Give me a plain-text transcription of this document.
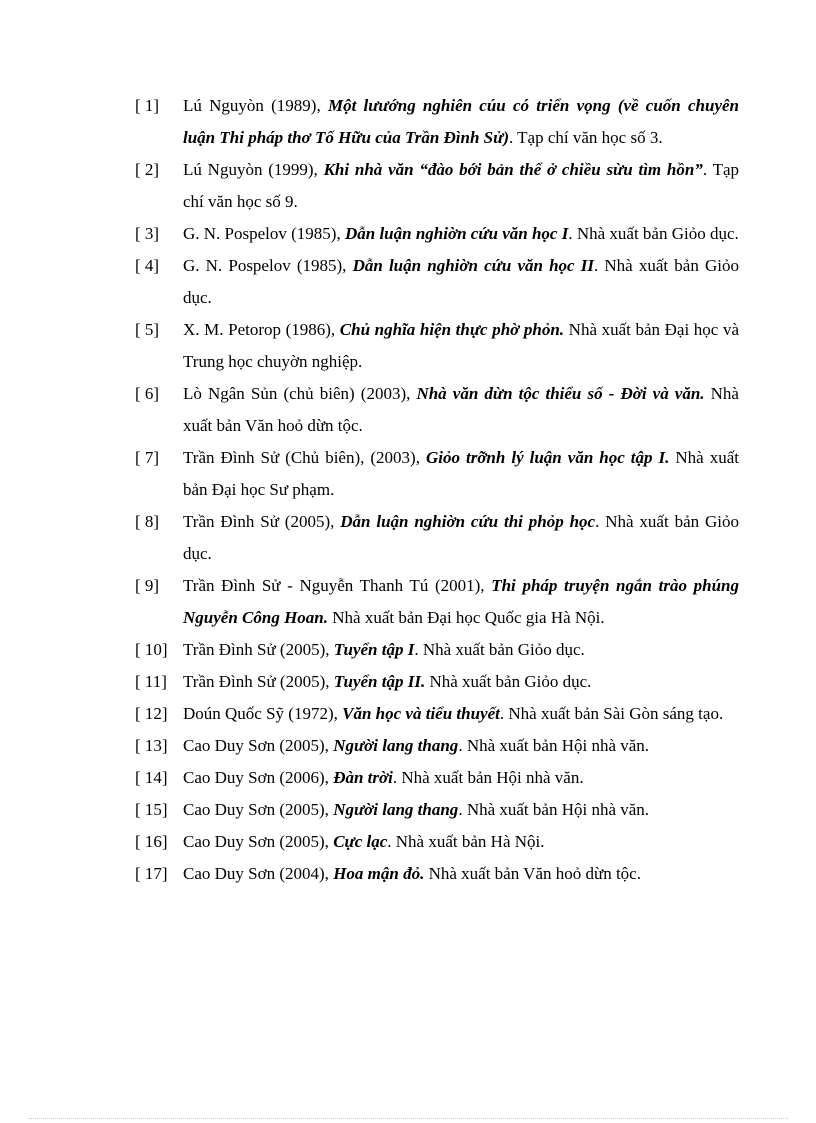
[ 1]	Lú Nguyòn (1989), Một lưướng nghiên cúu có triển vọng (về cuốn chuyên luận Thi pháp thơ Tố Hữu của Trần Đình Sử). Tạp chí văn học số 3.
[ 2]	Lú Nguyòn (1999), Khi nhà văn “đào bới bản thể ở chiều sừu tìm hồn”. Tạp chí văn học số 9.
[ 3]	G. N. Pospelov (1985), Dẫn luận nghiờn cứu văn học I. Nhà xuất bản Giỏo dục.
[ 4]	G. N. Pospelov (1985), Dẫn luận nghiờn cứu văn học II. Nhà xuất bản Giỏo dục.
[ 5]	X. M. Petorop (1986), Chủ nghĩa hiện thực phờ phỏn. Nhà xuất bản Đại học và Trung học chuyờn nghiệp.
[ 6]	Lò Ngân Sủn (chủ biên) (2003), Nhà văn dừn tộc thiểu số - Đời và văn. Nhà xuất bản Văn hoỏ dừn tộc.
[ 7]	Trần Đình Sử (Chủ biên), (2003), Giỏo trỡnh lý luận văn học tập I. Nhà xuất bản Đại học Sư phạm.
[ 8]	Trần Đình Sử (2005), Dẫn luận nghiờn cứu thi phỏp học. Nhà xuất bản Giỏo dục.
[ 9]	Trần Đình Sử - Nguyễn Thanh Tú (2001), Thi pháp truyện ngắn trào phúng Nguyễn Công Hoan. Nhà xuất bản Đại học Quốc gia Hà Nội.
[ 10] Trần Đình Sử (2005), Tuyển tập I. Nhà xuất bản Giỏo dục.
[ 11] Trần Đình Sử (2005), Tuyển tập II. Nhà xuất bản Giỏo dục.
[ 12] Doún Quốc Sỹ (1972), Văn học và tiểu thuyết. Nhà xuất bản Sài Gòn sáng tạo.
[ 13] Cao Duy Sơn (2005), Người lang thang. Nhà xuất bản Hội nhà văn.
[ 14] Cao Duy Sơn (2006), Đàn trời. Nhà xuất bản Hội nhà văn.
[ 15] Cao Duy Sơn (2005), Người lang thang. Nhà xuất bản Hội nhà văn.
[ 16] Cao Duy Sơn (2005), Cực lạc. Nhà xuất bản Hà Nội.
[ 17] Cao Duy Sơn (2004), Hoa mận đỏ. Nhà xuất bản Văn hoỏ dừn tộc.
